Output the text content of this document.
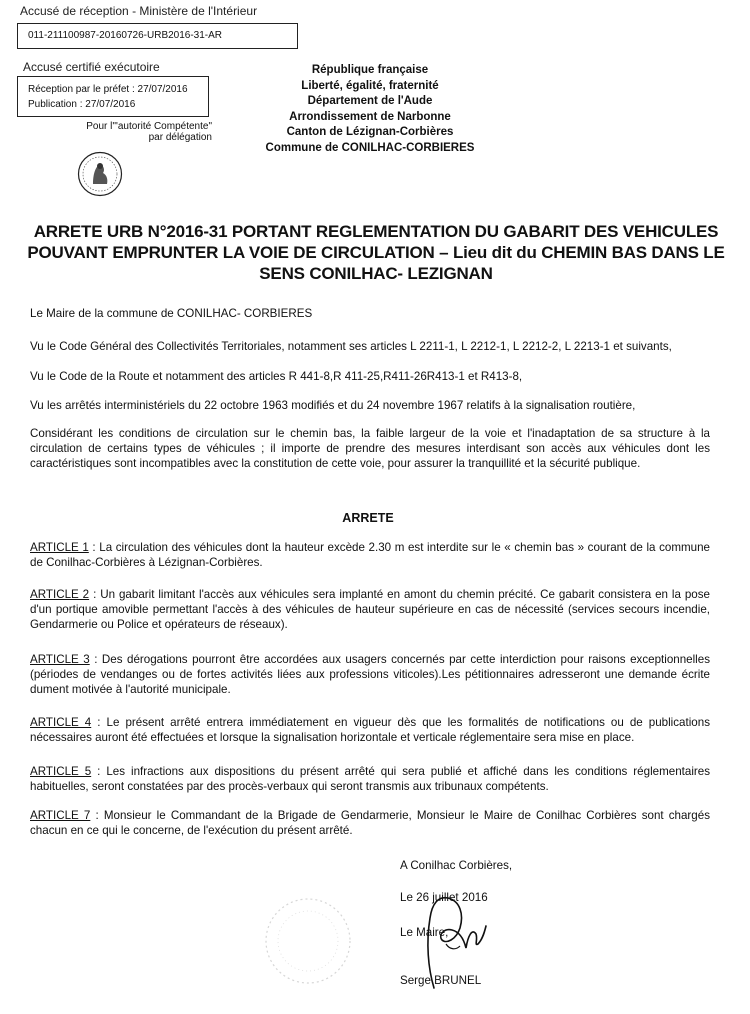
Accusé de réception - Ministère de l'Intérieur
011-211100987-20160726-URB2016-31-AR
Accusé certifié exécutoire
Réception par le préfet : 27/07/2016
Publication : 27/07/2016
Pour l'"autorité Compétente"
par délégation
République française
Liberté, égalité, fraternité
Département de l'Aude
Arrondissement de Narbonne
Canton de Lézignan-Corbières
Commune de CONILHAC-CORBIERES
ARRETE URB N°2016-31 PORTANT REGLEMENTATION DU GABARIT DES VEHICULES
POUVANT EMPRUNTER LA VOIE DE CIRCULATION – Lieu dit du CHEMIN BAS DANS LE
SENS CONILHAC- LEZIGNAN
Le Maire de la commune de CONILHAC- CORBIERES
Vu le Code Général des Collectivités Territoriales, notamment ses articles L 2211-1, L 2212-1, L 2212-2, L 2213-1 et suivants,
Vu le Code de la Route et notamment des articles R 441-8,R 411-25,R411-26R413-1 et R413-8,
Vu les arrêtés interministériels du 22 octobre 1963 modifiés et du 24 novembre 1967 relatifs à la signalisation routière,
Considérant les conditions de circulation sur le chemin bas, la faible largeur de la voie et l'inadaptation de sa structure à la circulation de certains types de véhicules ; il importe de prendre des mesures interdisant son accès aux véhicules dont les caractéristiques sont incompatibles avec la constitution de cette voie, pour assurer la tranquillité et la sécurité publique.
ARRETE
ARTICLE 1 : La circulation des véhicules dont la hauteur excède 2.30 m est interdite sur le « chemin bas » courant de la commune de Conilhac-Corbières à Lézignan-Corbières.
ARTICLE 2 : Un gabarit limitant l'accès aux véhicules sera implanté en amont du chemin précité. Ce gabarit consistera en la pose d'un portique amovible permettant l'accès à des véhicules de hauteur supérieure en cas de nécessité (services secours incendie, Gendarmerie ou Police et opérateurs de réseaux).
ARTICLE 3 : Des dérogations pourront être accordées aux usagers concernés par cette interdiction pour raisons exceptionnelles (périodes de vendanges ou de fortes activités liées aux professions viticoles).Les pétitionnaires adresseront une demande écrite dument motivée à l'autorité municipale.
ARTICLE 4 : Le présent arrêté entrera immédiatement en vigueur dès que les formalités de notifications ou de publications nécessaires auront été effectuées et lorsque la signalisation horizontale et verticale réglementaire sera mise en place.
ARTICLE 5 : Les infractions aux dispositions du présent arrêté qui sera publié et affiché dans les conditions réglementaires habituelles, seront constatées par des procès-verbaux qui seront transmis aux tribunaux compétents.
ARTICLE 7 : Monsieur le Commandant de la Brigade de Gendarmerie, Monsieur le Maire de Conilhac Corbières sont chargés chacun en ce qui le concerne, de l'exécution du présent arrêté.
A Conilhac Corbières,
Le 26 juillet 2016
Le Maire,
Serge BRUNEL
